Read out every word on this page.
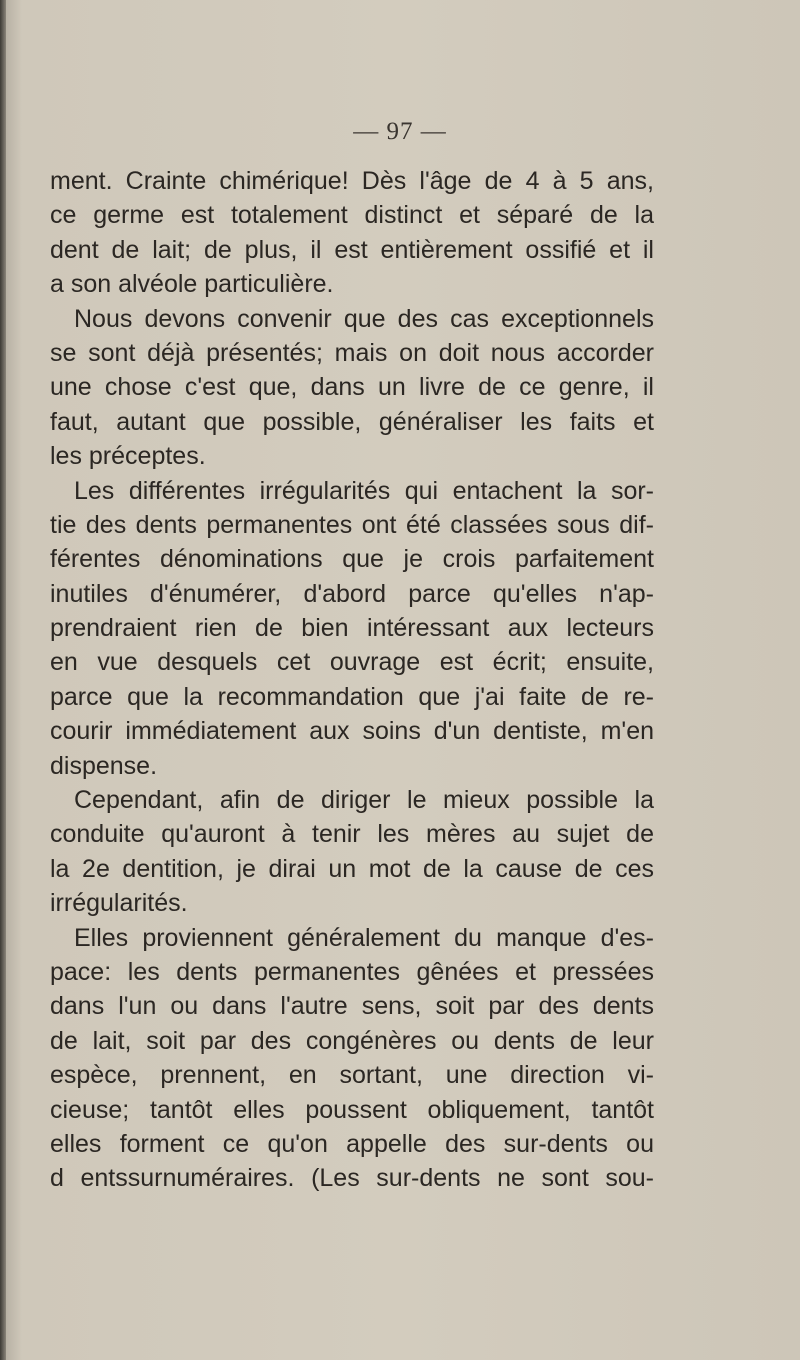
— 97 —
ment. Crainte chimérique! Dès l'âge de 4 à 5 ans,
ce germe est totalement distinct et séparé de la
dent de lait; de plus, il est entièrement ossifié et il
a son alvéole particulière.
Nous devons convenir que des cas exceptionnels
se sont déjà présentés; mais on doit nous accorder
une chose c'est que, dans un livre de ce genre, il
faut, autant que possible, généraliser les faits et
les préceptes.
Les différentes irrégularités qui entachent la sor-
tie des dents permanentes ont été classées sous dif-
férentes dénominations que je crois parfaitement
inutiles d'énumérer, d'abord parce qu'elles n'ap-
prendraient rien de bien intéressant aux lecteurs
en vue desquels cet ouvrage est écrit; ensuite,
parce que la recommandation que j'ai faite de re-
courir immédiatement aux soins d'un dentiste, m'en
dispense.
Cependant, afin de diriger le mieux possible la
conduite qu'auront à tenir les mères au sujet de
la 2e dentition, je dirai un mot de la cause de ces
irrégularités.
Elles proviennent généralement du manque d'es-
pace: les dents permanentes gênées et pressées
dans l'un ou dans l'autre sens, soit par des dents
de lait, soit par des congénères ou dents de leur
espèce, prennent, en sortant, une direction vi-
cieuse; tantôt elles poussent obliquement, tantôt
elles forment ce qu'on appelle des sur-dents ou
d entssurnuméraires. (Les sur-dents ne sont sou-
